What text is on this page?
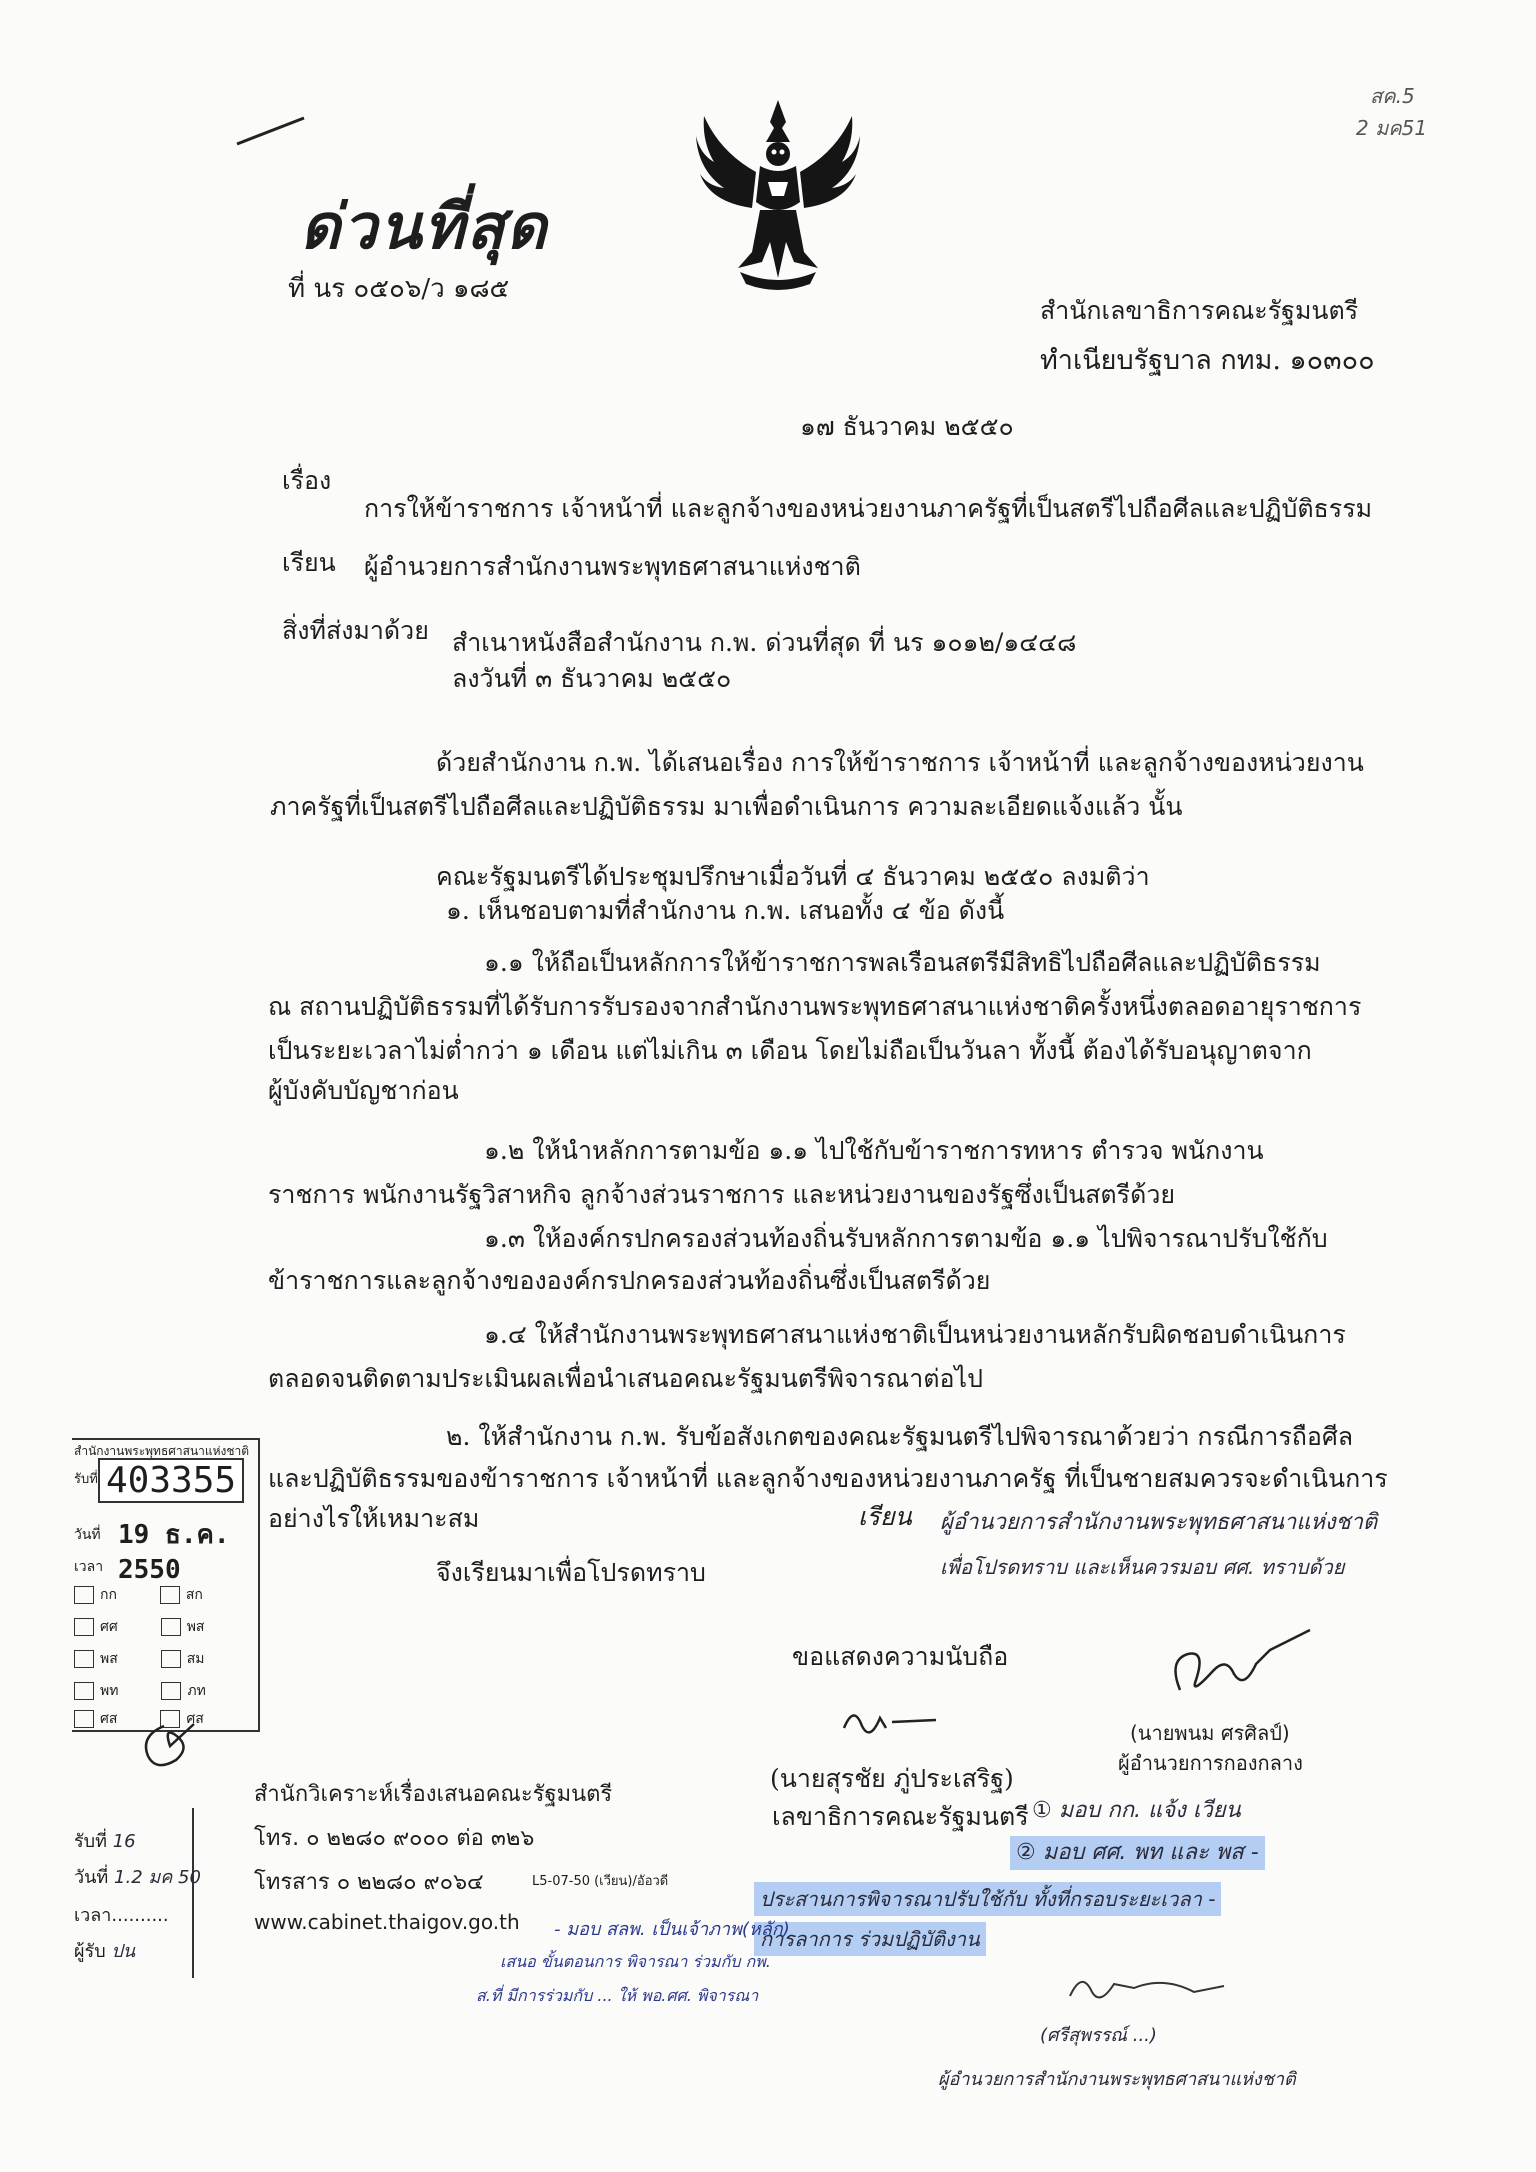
สค.5
2 มค51
ด่วนที่สุด
ที่ นร ๐๕๐๖/ว ๑๘๕
สำนักเลขาธิการคณะรัฐมนตรี
ทำเนียบรัฐบาล กทม. ๑๐๓๐๐
๑๗ ธันวาคม ๒๕๕๐
เรื่อง
การให้ข้าราชการ เจ้าหน้าที่ และลูกจ้างของหน่วยงานภาครัฐที่เป็นสตรีไปถือศีลและปฏิบัติธรรม
เรียน ผู้อำนวยการสำนักงานพระพุทธศาสนาแห่งชาติ
สิ่งที่ส่งมาด้วย สำเนาหนังสือสำนักงาน ก.พ. ด่วนที่สุด ที่ นร ๑๐๑๒/๑๔๔๘
ลงวันที่ ๓ ธันวาคม ๒๕๕๐
ด้วยสำนักงาน ก.พ. ได้เสนอเรื่อง การให้ข้าราชการ เจ้าหน้าที่ และลูกจ้างของหน่วยงาน
ภาครัฐที่เป็นสตรีไปถือศีลและปฏิบัติธรรม มาเพื่อดำเนินการ ความละเอียดแจ้งแล้ว นั้น
คณะรัฐมนตรีได้ประชุมปรึกษาเมื่อวันที่ ๔ ธันวาคม ๒๕๕๐ ลงมติว่า
๑. เห็นชอบตามที่สำนักงาน ก.พ. เสนอทั้ง ๔ ข้อ ดังนี้
๑.๑ ให้ถือเป็นหลักการให้ข้าราชการพลเรือนสตรีมีสิทธิไปถือศีลและปฏิบัติธรรม
ณ สถานปฏิบัติธรรมที่ได้รับการรับรองจากสำนักงานพระพุทธศาสนาแห่งชาติครั้งหนึ่งตลอดอายุราชการ
เป็นระยะเวลาไม่ต่ำกว่า ๑ เดือน แต่ไม่เกิน ๓ เดือน โดยไม่ถือเป็นวันลา ทั้งนี้ ต้องได้รับอนุญาตจาก
ผู้บังคับบัญชาก่อน
๑.๒ ให้นำหลักการตามข้อ ๑.๑ ไปใช้กับข้าราชการทหาร ตำรวจ พนักงาน
ราชการ พนักงานรัฐวิสาหกิจ ลูกจ้างส่วนราชการ และหน่วยงานของรัฐซึ่งเป็นสตรีด้วย
๑.๓ ให้องค์กรปกครองส่วนท้องถิ่นรับหลักการตามข้อ ๑.๑ ไปพิจารณาปรับใช้กับ
ข้าราชการและลูกจ้างขององค์กรปกครองส่วนท้องถิ่นซึ่งเป็นสตรีด้วย
๑.๔ ให้สำนักงานพระพุทธศาสนาแห่งชาติเป็นหน่วยงานหลักรับผิดชอบดำเนินการ
ตลอดจนติดตามประเมินผลเพื่อนำเสนอคณะรัฐมนตรีพิจารณาต่อไป
๒. ให้สำนักงาน ก.พ. รับข้อสังเกตของคณะรัฐมนตรีไปพิจารณาด้วยว่า กรณีการถือศีล
และปฏิบัติธรรมของข้าราชการ เจ้าหน้าที่ และลูกจ้างของหน่วยงานภาครัฐ ที่เป็นชายสมควรจะดำเนินการ
อย่างไรให้เหมาะสม	เรียน ผู้อำนวยการสำนักงานพระพุทธศาสนาแห่งชาติ
เพื่อโปรดทราบ และเห็นควรมอบ ศศ. ทราบด้วย
จึงเรียนมาเพื่อโปรดทราบ
ขอแสดงความนับถือ
(นายสุรชัย ภู่ประเสริฐ)
เลขาธิการคณะรัฐมนตรี
(นายพนม ศรศิลป์)
ผู้อำนวยการกองกลาง
① มอบ กก. แจ้ง เวียน
② มอบ ศศ. พท และ พส -
ประสานการพิจารณาปรับใช้กับ ทั้งที่กรอบระยะเวลา -
การลาการ ร่วมปฏิบัติงาน
(ศรีสุพรรณ์ ...)
ผู้อำนวยการสำนักงานพระพุทธศาสนาแห่งชาติ
สำนักงานพระพุทธศาสนาแห่งชาติ
รับที่ 403355
วันที่ 19 ธ.ค. 2550
เวลา
กก	สก
ศศ	พส
พส	สม
พท	ภท
ศส	ศส
รับที่ 16
วันที่ 1.2 มค 50
เวลา..........
ผู้รับ ปน
สำนักวิเคราะห์เรื่องเสนอคณะรัฐมนตรี
โทร. ๐ ๒๒๘๐ ๙๐๐๐ ต่อ ๓๒๖
โทรสาร ๐ ๒๒๘๐ ๙๐๖๔	L5-07-50 (เวียน)/อัอวดี
www.cabinet.thaigov.go.th - มอบ สลพ. เป็นเจ้าภาพ(หลัก)
เสนอ ขั้นตอนการ พิจารณา ร่วมกับ กพ.
ส.ที่ มีการร่วมกับ ... ให้ พอ.ศศ. พิจารณา
